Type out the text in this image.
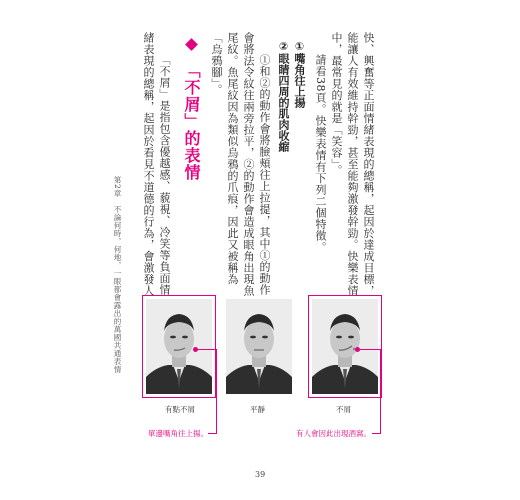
快、興奮等正面情緒表現的總稱，起因於達成目標，
能讓人有效維持幹勁，甚至能夠激發幹勁。快樂表情
中，最常見的就是「笑容」。
請看38頁。快樂表情有下列二個特徵。
①嘴角往上揚
②眼睛四周的肌肉收縮
①和②的動作會將臉頰往上拉提，其中①的動作
會將法令紋往兩旁拉平，②的動作會造成眼角出現魚
尾紋。魚尾紋因為類似烏鴉的爪痕，因此又被稱為
「烏鴉腳」。
「不屑」的表情
「不屑」是指包含優越感、藐視、冷笑等負面情
緒表現的總稱，起因於看見不道德的行為，會激發人
第2章　不論何時，何地，一眼都會露出的萬國共通表情
有點不屑	平靜	不屑
單邊嘴角往上揚。	有人會因此出現酒窩。
39
